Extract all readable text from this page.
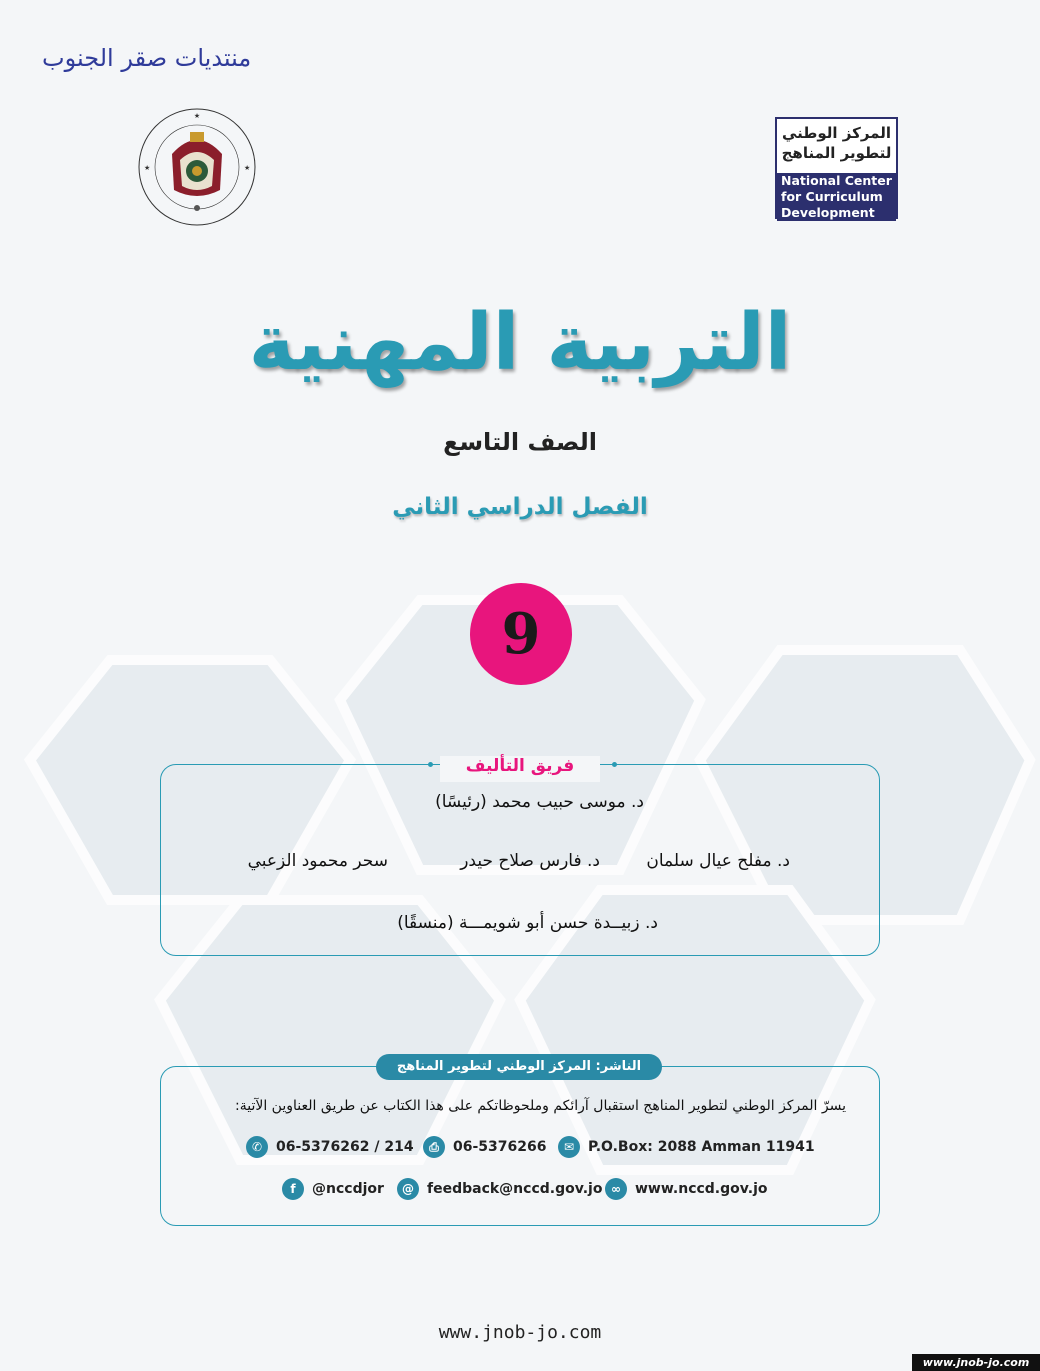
منتديات صقر الجنوب
★
★	★
المركز الوطني
لتطوير المناهج
National Center
for Curriculum
Development
التربية المهنية
الصف التاسع
الفصل الدراسي الثاني
9
فريق التأليف
د. موسى حبيب محمد (رئيسًا)
د. مفلح عيال سلمان
د. فارس صلاح حيدر
سحر محمود الزعبي
د. زبيــدة حسن أبو شويمـــة (منسقًا)
الناشر: المركز الوطني لتطوير المناهج
يسرّ المركز الوطني لتطوير المناهج استقبال آرائكم وملحوظاتكم على هذا الكتاب عن طريق العناوين الآتية:
✆ 06-5376262 / 214	⎙	06-5376266	✉ P.O.Box: 2088 Amman 11941
f	@nccdjor	@ feedback@nccd.gov.jo ∞	www.nccd.gov.jo
www.jnob-jo.com
www.jnob-jo.com
